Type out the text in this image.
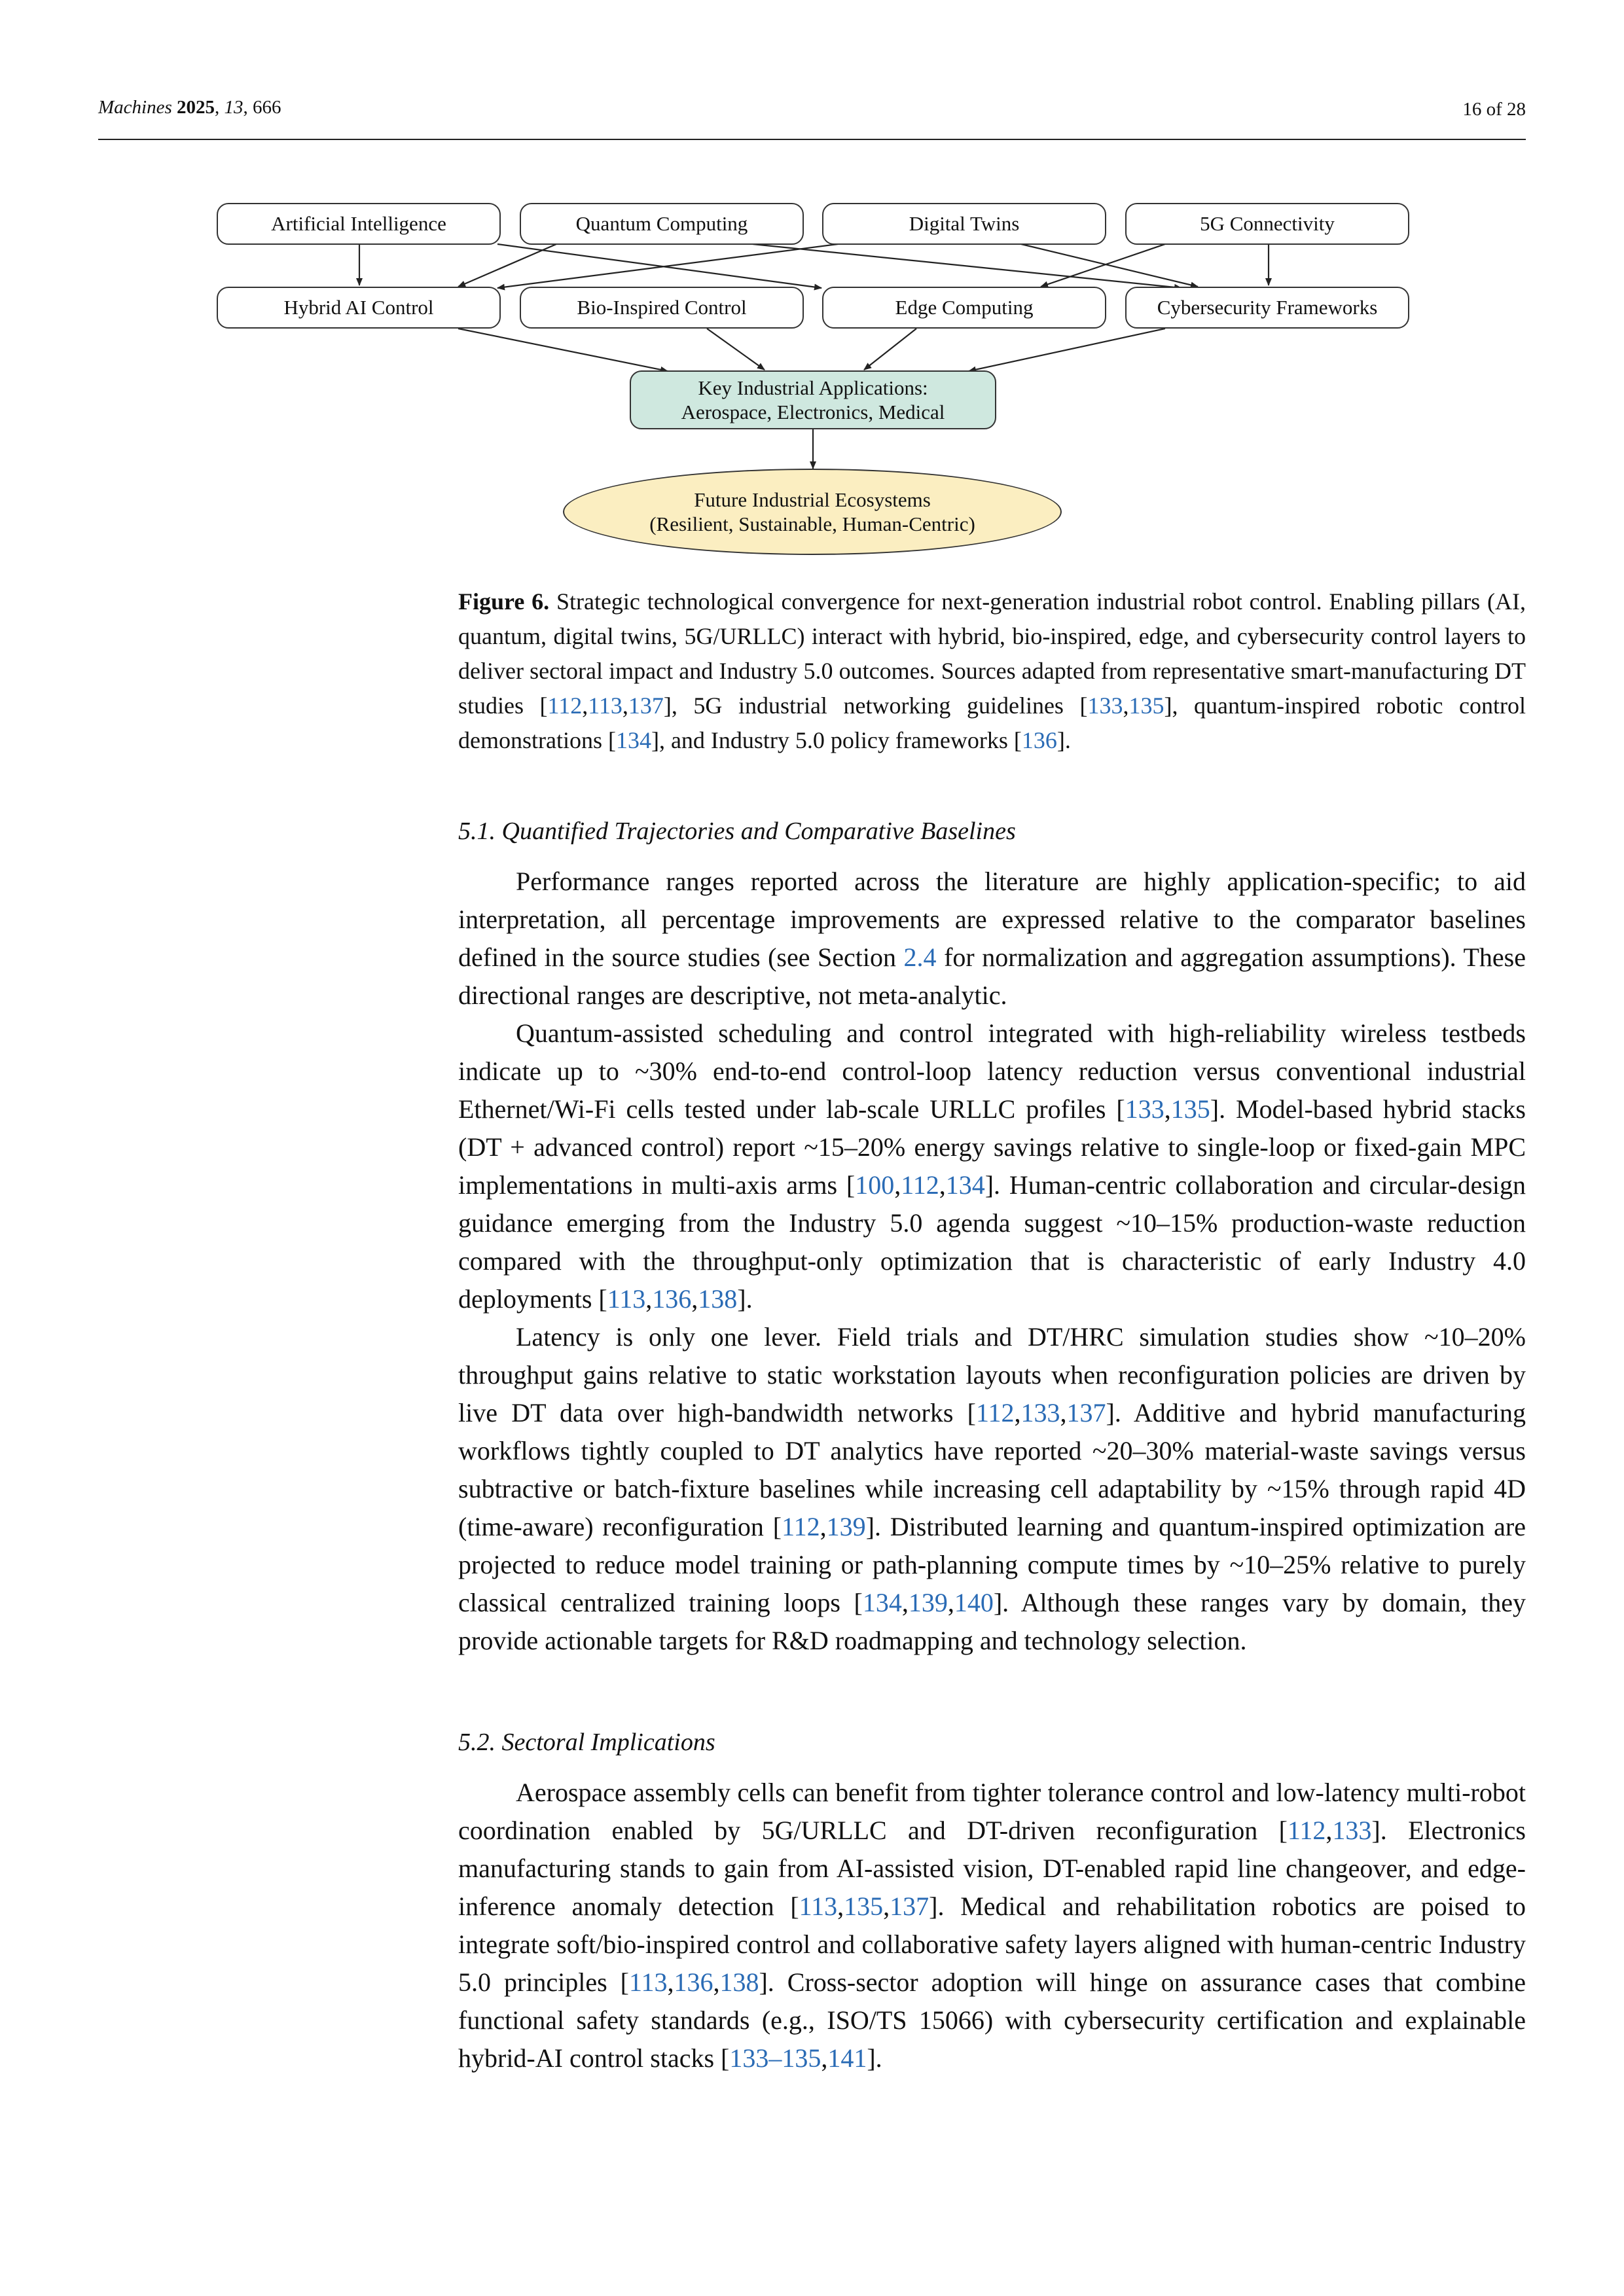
Machines 2025, 13, 666	16 of 28
Artificial Intelligence	Quantum Computing	Digital Twins	5G Connectivity
Hybrid AI Control	Bio-Inspired Control	Edge Computing	Cybersecurity Frameworks
Key Industrial Applications:
Aerospace, Electronics, Medical
Future Industrial Ecosystems
(Resilient, Sustainable, Human-Centric)
Figure 6. Strategic technological convergence for next-generation industrial robot control. Enabling pillars (AI, quantum, digital twins, 5G/URLLC) interact with hybrid, bio-inspired, edge, and cybersecurity control layers to deliver sectoral impact and Industry 5.0 outcomes. Sources adapted from representative smart-manufacturing DT studies [112,113,137], 5G industrial networking guidelines [133,135], quantum-inspired robotic control demonstrations [134], and Industry 5.0 policy frameworks [136].
5.1. Quantified Trajectories and Comparative Baselines

Performance ranges reported across the literature are highly application-specific; to aid interpretation, all percentage improvements are expressed relative to the comparator baselines defined in the source studies (see Section 2.4 for normalization and aggregation assumptions). These directional ranges are descriptive, not meta-analytic.

Quantum-assisted scheduling and control integrated with high-reliability wireless testbeds indicate up to ~30% end-to-end control-loop latency reduction versus conventional industrial Ethernet/Wi-Fi cells tested under lab-scale URLLC profiles [133,135]. Model-based hybrid stacks (DT + advanced control) report ~15–20% energy savings relative to single-loop or fixed-gain MPC implementations in multi-axis arms [100,112,134]. Human-centric collaboration and circular-design guidance emerging from the Industry 5.0 agenda suggest ~10–15% production-waste reduction compared with the throughput-only optimization that is characteristic of early Industry 4.0 deployments [113,136,138].

Latency is only one lever. Field trials and DT/HRC simulation studies show ~10–20% throughput gains relative to static workstation layouts when reconfiguration policies are driven by live DT data over high-bandwidth networks [112,133,137]. Additive and hybrid manufacturing workflows tightly coupled to DT analytics have reported ~20–30% material-waste savings versus subtractive or batch-fixture baselines while increasing cell adaptability by ~15% through rapid 4D (time-aware) reconfiguration [112,139]. Distributed learning and quantum-inspired optimization are projected to reduce model training or path-planning compute times by ~10–25% relative to purely classical centralized training loops [134,139,140]. Although these ranges vary by domain, they provide actionable targets for R&D roadmapping and technology selection.

5.2. Sectoral Implications

Aerospace assembly cells can benefit from tighter tolerance control and low-latency multi-robot coordination enabled by 5G/URLLC and DT-driven reconfiguration [112,133]. Electronics manufacturing stands to gain from AI-assisted vision, DT-enabled rapid line changeover, and edge-inference anomaly detection [113,135,137]. Medical and rehabilitation robotics are poised to integrate soft/bio-inspired control and collaborative safety layers aligned with human-centric Industry 5.0 principles [113,136,138]. Cross-sector adoption will hinge on assurance cases that combine functional safety standards (e.g., ISO/TS 15066) with cybersecurity certification and explainable hybrid-AI control stacks [133–135,141].
